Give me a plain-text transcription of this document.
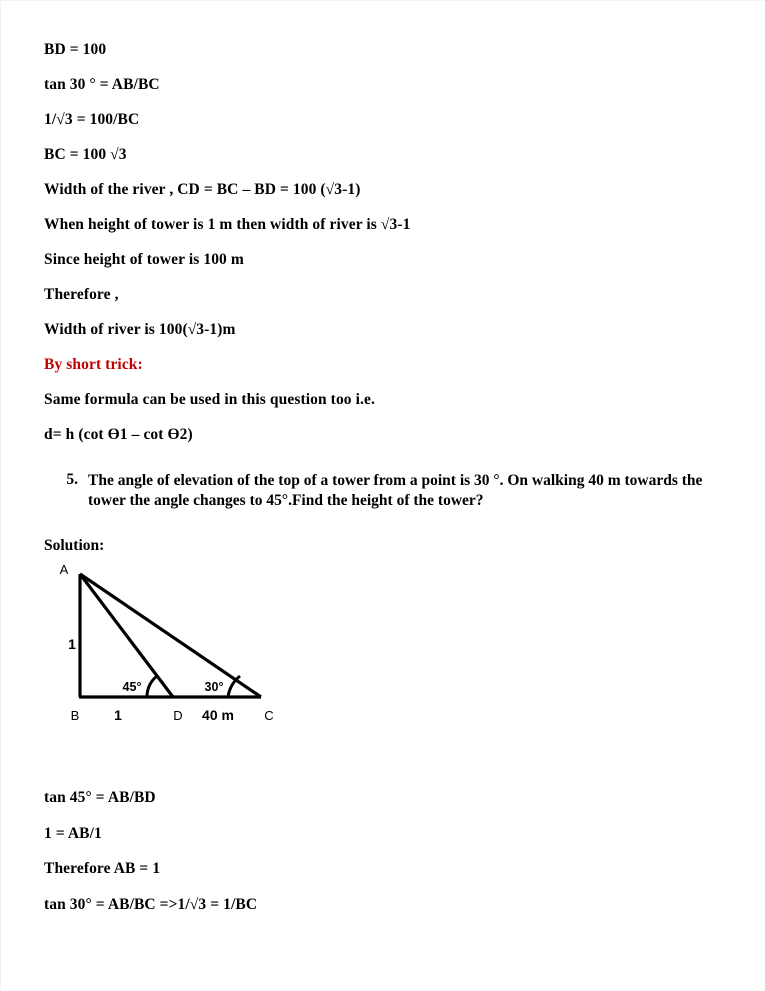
BD = 100
tan 30 ° = AB/BC
1/√3 = 100/BC
BC = 100 √3
Width of the river , CD = BC – BD = 100 (√3-1)
When height of tower is 1 m then width of river is √3-1
Since height of tower is 100 m
Therefore ,
Width of river is 100(√3-1)m
By short trick:
Same formula can be used in this question too i.e.
d= h (cot Ө1 – cot Ө2)
5. The angle of elevation of the top of a tower from a point is 30 °. On walking 40 m towards the tower the angle changes to 45°.Find the height of the tower?
Solution:
A
1
B 1	D 40 m C
45°	30°
tan 45° = AB/BD
1 = AB/1
Therefore AB = 1
tan 30° = AB/BC =>1/√3 = 1/BC
